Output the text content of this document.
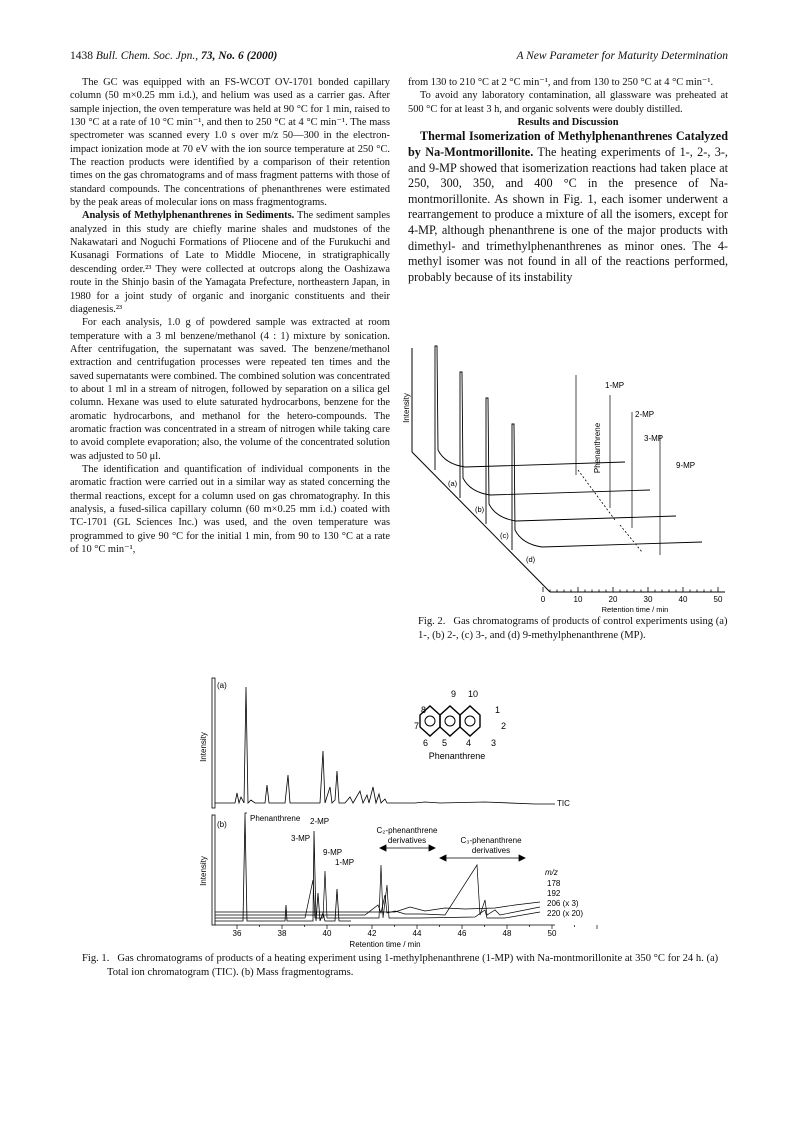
1438 Bull. Chem. Soc. Jpn., 73, No. 6 (2000)	A New Parameter for Maturity Determination

The GC was equipped with an FS-WCOT OV-1701 bonded capillary column (50 m×0.25 mm i.d.), and helium was used as a carrier gas. After sample injection, the oven temperature was held at 90 °C for 1 min, raised to 130 °C at a rate of 10 °C min⁻¹, and then to 250 °C at 4 °C min⁻¹. The mass spectrometer was scanned every 1.0 s over m/z 50—300 in the electron-impact ionization mode at 70 eV with the ion source temperature at 250 °C. The reaction products were identified by a comparison of their retention times on the gas chromatograms and of mass fragment patterns with those of standard compounds. The concentrations of phenanthrenes were estimated by the peak areas of molecular ions on mass fragmentograms.

Analysis of Methylphenanthrenes in Sediments. The sediment samples analyzed in this study are chiefly marine shales and mudstones of the Nakawatari and Noguchi Formations of Pliocene and of the Furukuchi and Kusanagi Formations of Late to Middle Miocene, in stratigraphically descending order.²³ They were collected at outcrops along the Oashizawa route in the Shinjo basin of the Yamagata Prefecture, northeastern Japan, in 1980 for a joint study of organic and inorganic constituents and their diagenesis.²³

For each analysis, 1.0 g of powdered sample was extracted at room temperature with a 3 ml benzene/methanol (4 : 1) mixture by sonication. After centrifugation, the supernatant was saved. The benzene/methanol extraction and centrifugation processes were repeated ten times and the saved supernatants were combined. The combined solution was concentrated to about 1 ml in a stream of nitrogen, followed by separation on a silica gel column. Hexane was used to elute saturated hydrocarbons, benzene for the aromatic hydrocarbons, and methanol for the hetero-compounds. The aromatic fraction was concentrated in a stream of nitrogen while taking care to avoid complete evaporation; also, the volume of the concentrated solution was adjusted to 50 μl.

The identification and quantification of individual components in the aromatic fraction were carried out in a similar way as stated concerning the thermal reactions, except for a column used on gas chromatography. In this analysis, a fused-silica capillary column (60 m×0.25 mm i.d.) coated with TC-1701 (GL Sciences Inc.) was used, and the oven temperature was programmed to give 90 °C for the initial 1 min, from 90 to 130 °C at a rate of 10 °C min⁻¹,

from 130 to 210 °C at 2 °C min⁻¹, and from 130 to 250 °C at 4 °C min⁻¹.

To avoid any laboratory contamination, all glassware was preheated at 500 °C for at least 3 h, and organic solvents were doubly distilled.

Results and Discussion

Thermal Isomerization of Methylphenanthrenes Catalyzed by Na-Montmorillonite. The heating experiments of 1-, 2-, 3-, and 9-MP showed that isomerization reactions had taken place at 250, 300, 350, and 400 °C in the presence of Na-montmorillonite. As shown in Fig. 1, each isomer underwent a rearrangement to produce a mixture of all the isomers, except for 4-MP, although phenanthrene is one of the major products with dimethyl- and trimethylphenanthrenes as minor ones. The 4-methyl isomer was not found in all of the reactions performed, probably because of its instability

Intensity
1-MP
2-MP
3-MP
9-MP
Phenanthrene
(a)
(b)
(c)
(d)
0	10	20	30	40	50
Retention time / min
Fig. 2. Gas chromatograms of products of control experiments using (a) 1-, (b) 2-, (c) 3-, and (d) 9-methylphenanthrene (MP).
(a)
Intensity
TIC
9 10
8	1
7	2
6 5 4 3
Phenanthrene
(b)
Intensity
Phenanthrene 2-MP
3-MP
9-MP
1-MP
C₂-phenanthrene
derivatives	C₃-phenanthrene
derivatives
m/z
178
192
206 (x 3)
220 (x 20)
36	38	40	42	44	46	48	50
Retention time / min
Fig. 1. Gas chromatograms of products of a heating experiment using 1-methylphenanthrene (1-MP) with Na-montmorillonite at 350 °C for 24 h. (a) Total ion chromatogram (TIC). (b) Mass fragmentograms.
